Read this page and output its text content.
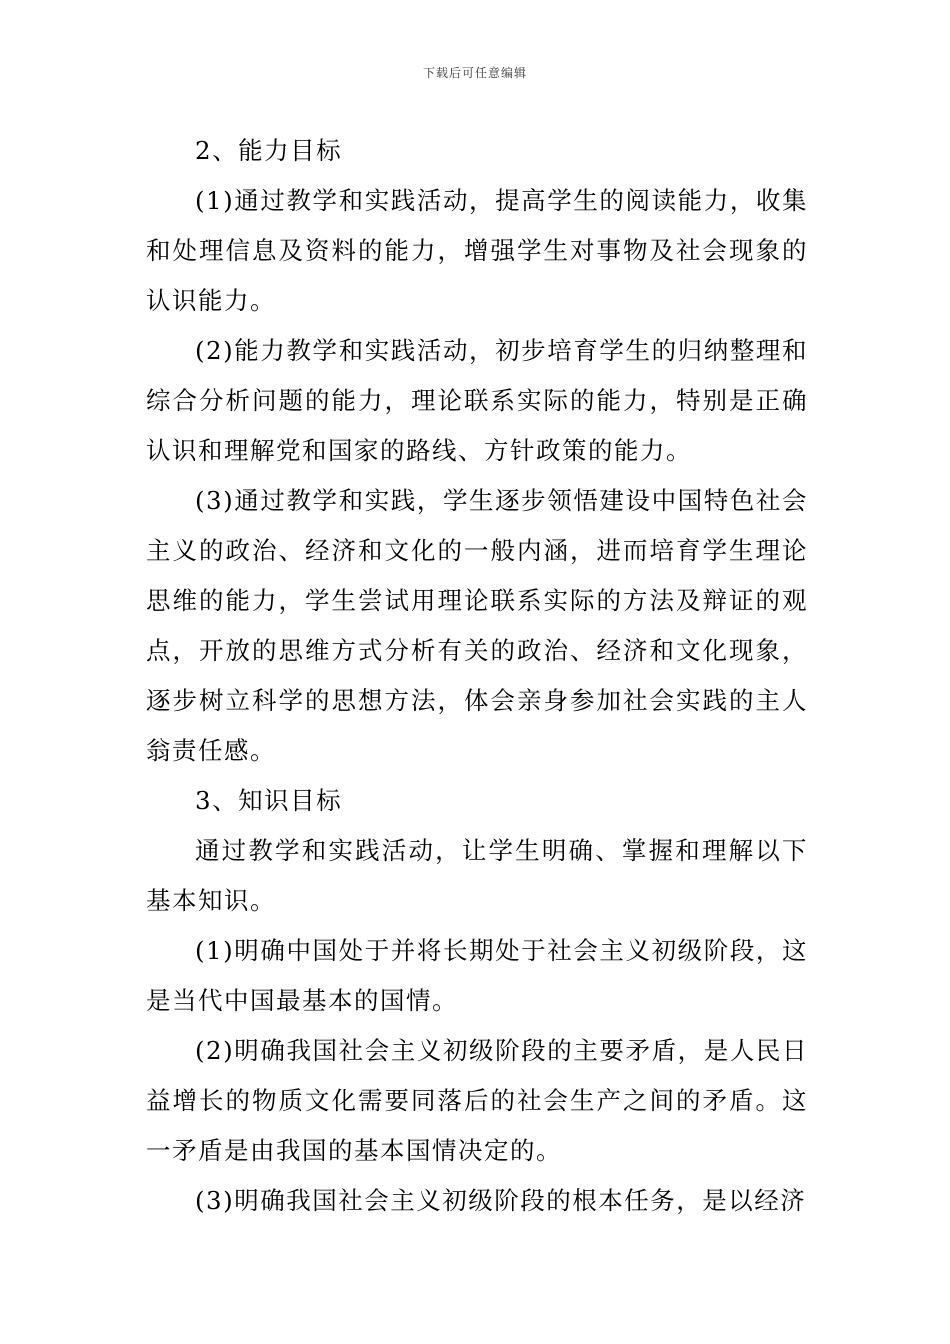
下载后可任意编辑

2、能力目标

(1)通过教学和实践活动，提高学生的阅读能力，收集和处理信息及资料的能力，增强学生对事物及社会现象的认识能力。

(2)能力教学和实践活动，初步培育学生的归纳整理和综合分析问题的能力，理论联系实际的能力，特别是正确认识和理解党和国家的路线、方针政策的能力。

(3)通过教学和实践，学生逐步领悟建设中国特色社会主义的政治、经济和文化的一般内涵，进而培育学生理论思维的能力，学生尝试用理论联系实际的方法及辩证的观点，开放的思维方式分析有关的政治、经济和文化现象，逐步树立科学的思想方法，体会亲身参加社会实践的主人翁责任感。

3、知识目标

通过教学和实践活动，让学生明确、掌握和理解以下基本知识。

(1)明确中国处于并将长期处于社会主义初级阶段，这是当代中国最基本的国情。

(2)明确我国社会主义初级阶段的主要矛盾，是人民日益增长的物质文化需要同落后的社会生产之间的矛盾。这一矛盾是由我国的基本国情决定的。

(3)明确我国社会主义初级阶段的根本任务，是以经济
